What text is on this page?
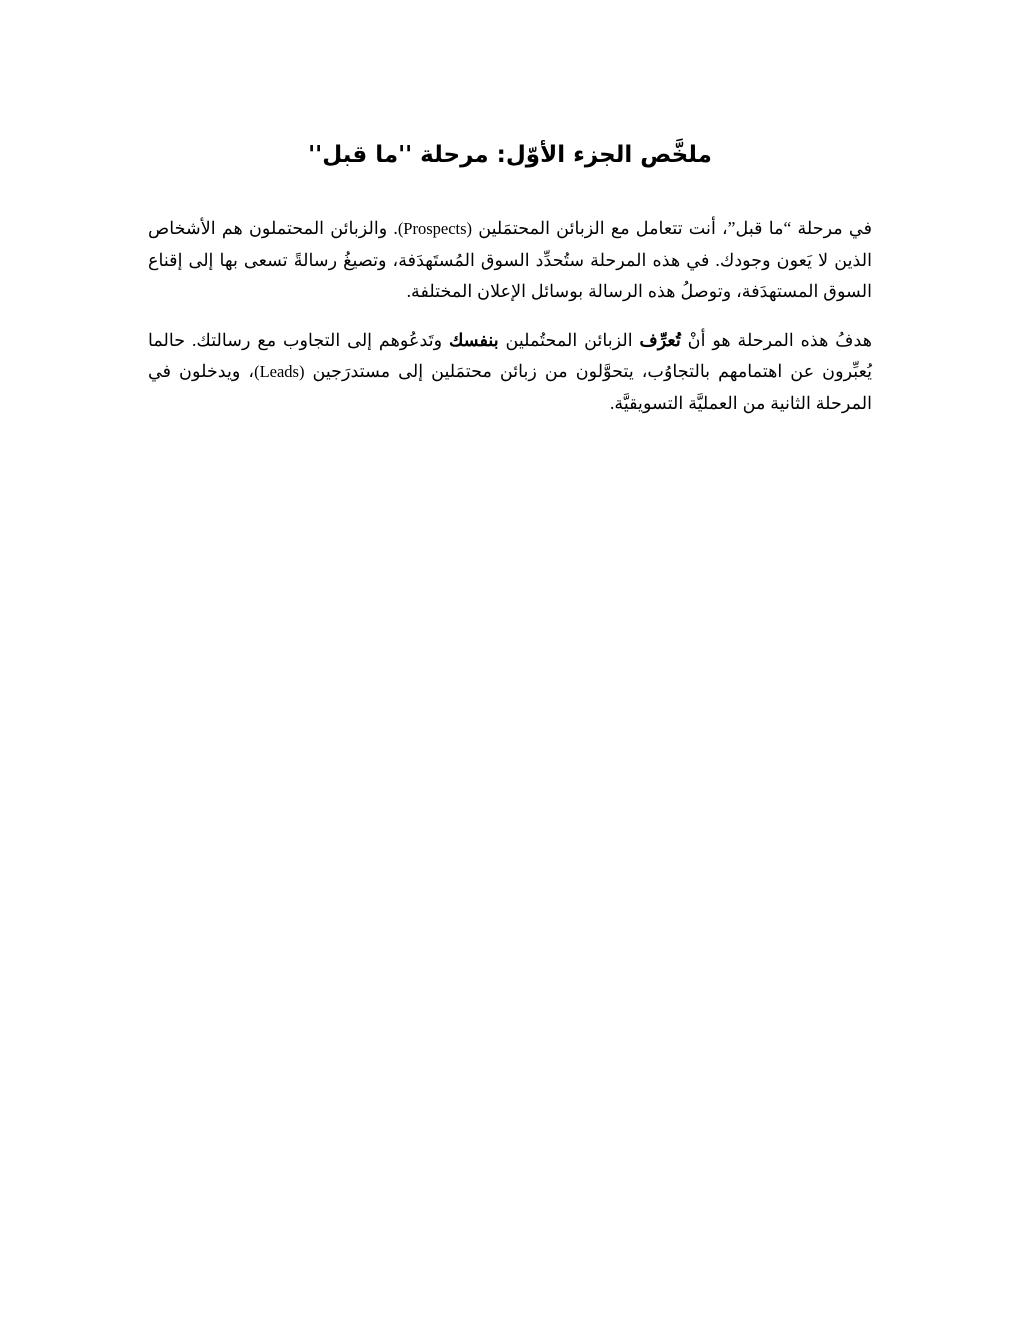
ملخَّص الجزء الأوّل: مرحلة ''ما قبل''

في مرحلة “ما قبل”، أنت تتعامل مع الزبائن المحتمَلين (Prospects). والزبائن المحتملون هم الأشخاص الذين لا يَعون وجودك. في هذه المرحلة ستُحدِّد السوق المُستَهدَفة، وتصيغُ رسالةً تسعى بها إلى إقناع السوق المستهدَفة، وتوصلُ هذه الرسالة بوسائل الإعلان المختلفة.

هدفُ هذه المرحلة هو أنْ تُعرِّف الزبائن المحتُملين بنفسك وتَدعُوهم إلى التجاوب مع رسالتك. حالما يُعبِّرون عن اهتمامهم بالتجاوُب، يتحوَّلون من زبائن محتمَلين إلى مستدرَجين (Leads)، ويدخلون في المرحلة الثانية من العمليَّة التسويقيَّة.
